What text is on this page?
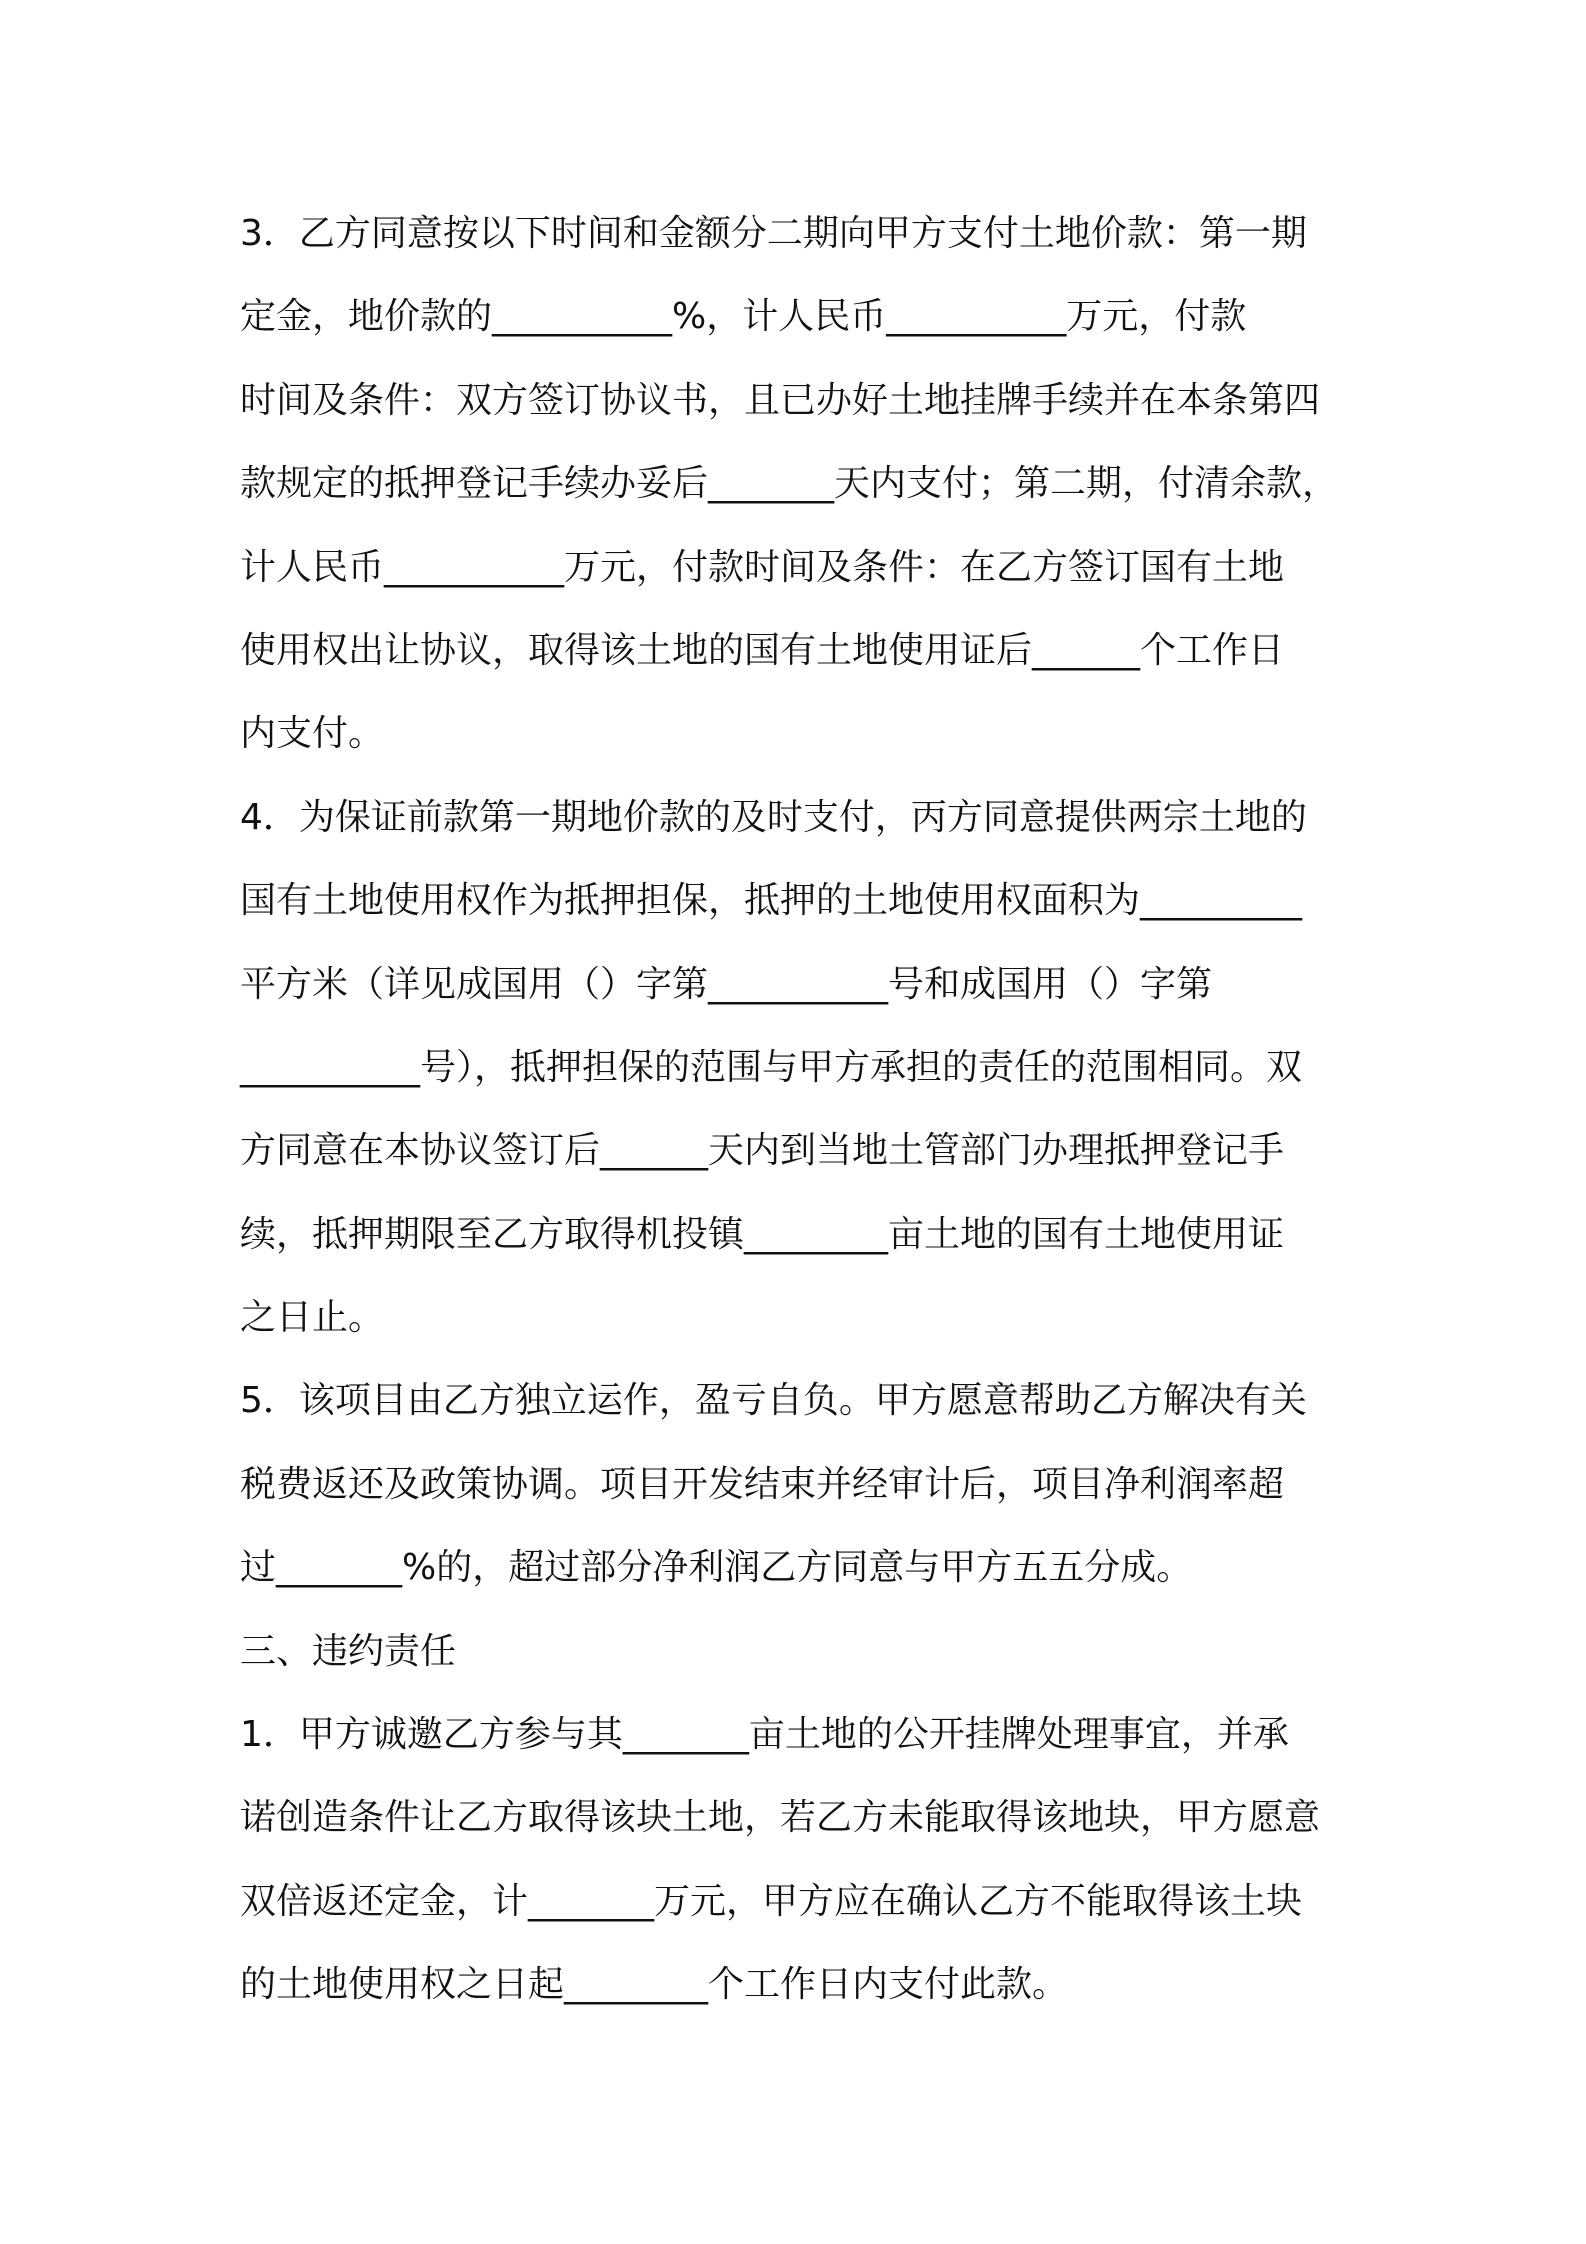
3．乙方同意按以下时间和金额分二期向甲方支付土地价款：第一期
定金，地价款的__________%，计人民币__________万元，付款
时间及条件：双方签订协议书，且已办好土地挂牌手续并在本条第四
款规定的抵押登记手续办妥后_______天内支付；第二期，付清余款，
计人民币__________万元，付款时间及条件：在乙方签订国有土地
使用权出让协议，取得该土地的国有土地使用证后______个工作日
内支付。
4．为保证前款第一期地价款的及时支付，丙方同意提供两宗土地的
国有土地使用权作为抵押担保，抵押的土地使用权面积为_________
平方米（详见成国用（）字第__________号和成国用（）字第
__________号），抵押担保的范围与甲方承担的责任的范围相同。双
方同意在本协议签订后______天内到当地土管部门办理抵押登记手
续，抵押期限至乙方取得机投镇________亩土地的国有土地使用证
之日止。
5．该项目由乙方独立运作，盈亏自负。甲方愿意帮助乙方解决有关
税费返还及政策协调。项目开发结束并经审计后，项目净利润率超
过_______%的，超过部分净利润乙方同意与甲方五五分成。
三、违约责任
1．甲方诚邀乙方参与其_______亩土地的公开挂牌处理事宜，并承
诺创造条件让乙方取得该块土地，若乙方未能取得该地块，甲方愿意
双倍返还定金，计_______万元，甲方应在确认乙方不能取得该土块
的土地使用权之日起________个工作日内支付此款。
